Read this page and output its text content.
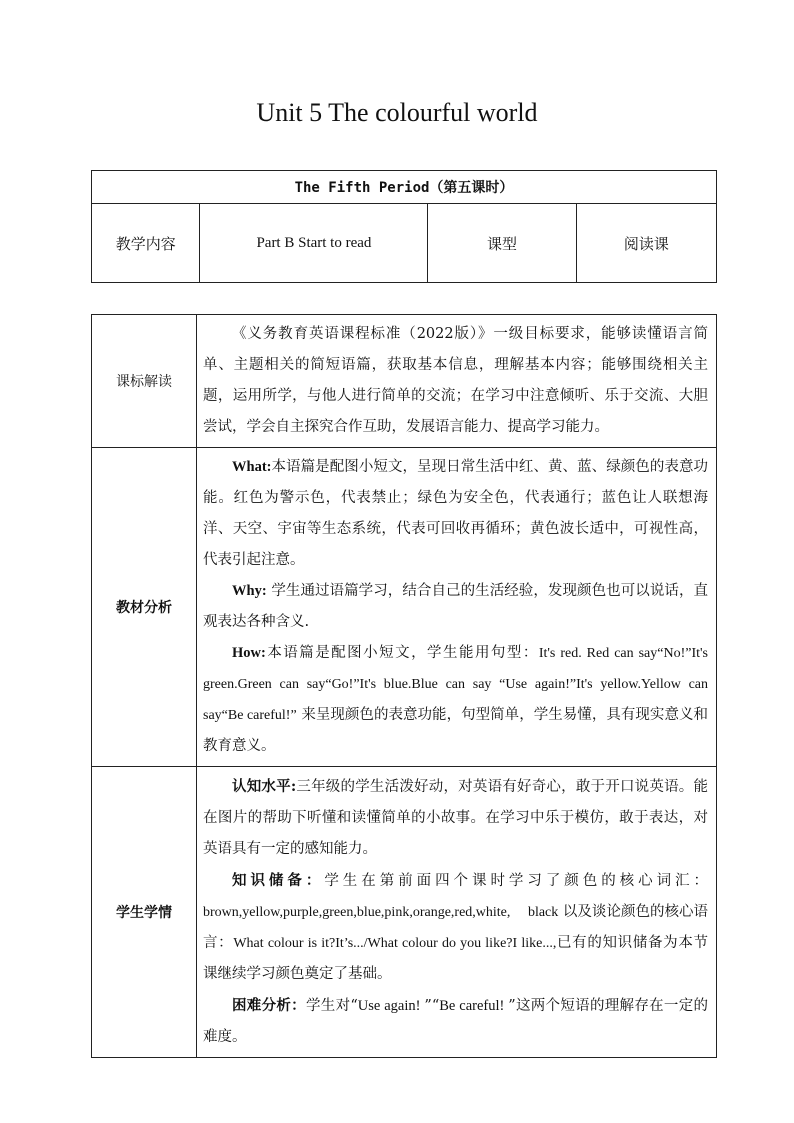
Unit 5 The colourful world
The Fifth Period（第五课时）
教学内容	Part B Start to read	课型	阅读课
课标解读	《义务教育英语课程标准（2022版）》一级目标要求，能够读懂语言简单、主题相关的简短语篇，获取基本信息，理解基本内容；能够围绕相关主题，运用所学，与他人进行简单的交流；在学习中注意倾听、乐于交流、大胆尝试，学会自主探究合作互助，发展语言能力、提高学习能力。

教材分析	What:本语篇是配图小短文，呈现日常生活中红、黄、蓝、绿颜色的表意功能。红色为警示色，代表禁止；绿色为安全色，代表通行；蓝色让人联想海洋、天空、宇宙等生态系统，代表可回收再循环；黄色波长适中，可视性高，代表引起注意。

Why: 学生通过语篇学习，结合自己的生活经验，发现颜色也可以说话，直观表达各种含义.

How:本语篇是配图小短文，学生能用句型：It's red. Red can say“No!”It's green.Green can say“Go!”It's blue.Blue can say “Use again!”It's yellow.Yellow can say“Be careful!” 来呈现颜色的表意功能，句型简单，学生易懂，具有现实意义和教育意义。

学生学情	认知水平:三年级的学生活泼好动，对英语有好奇心，敢于开口说英语。能在图片的帮助下听懂和读懂简单的小故事。在学习中乐于模仿，敢于表达，对英语具有一定的感知能力。

知识储备：学生在第前面四个课时学习了颜色的核心词汇：brown,yellow,purple,green,blue,pink,orange,red,white,     black 以及谈论颜色的核心语言：What colour is it?It’s.../What colour do you like?I like...,已有的知识储备为本节课继续学习颜色奠定了基础。

困难分析：学生对“Use again! ”“Be careful! ”这两个短语的理解存在一定的难度。
